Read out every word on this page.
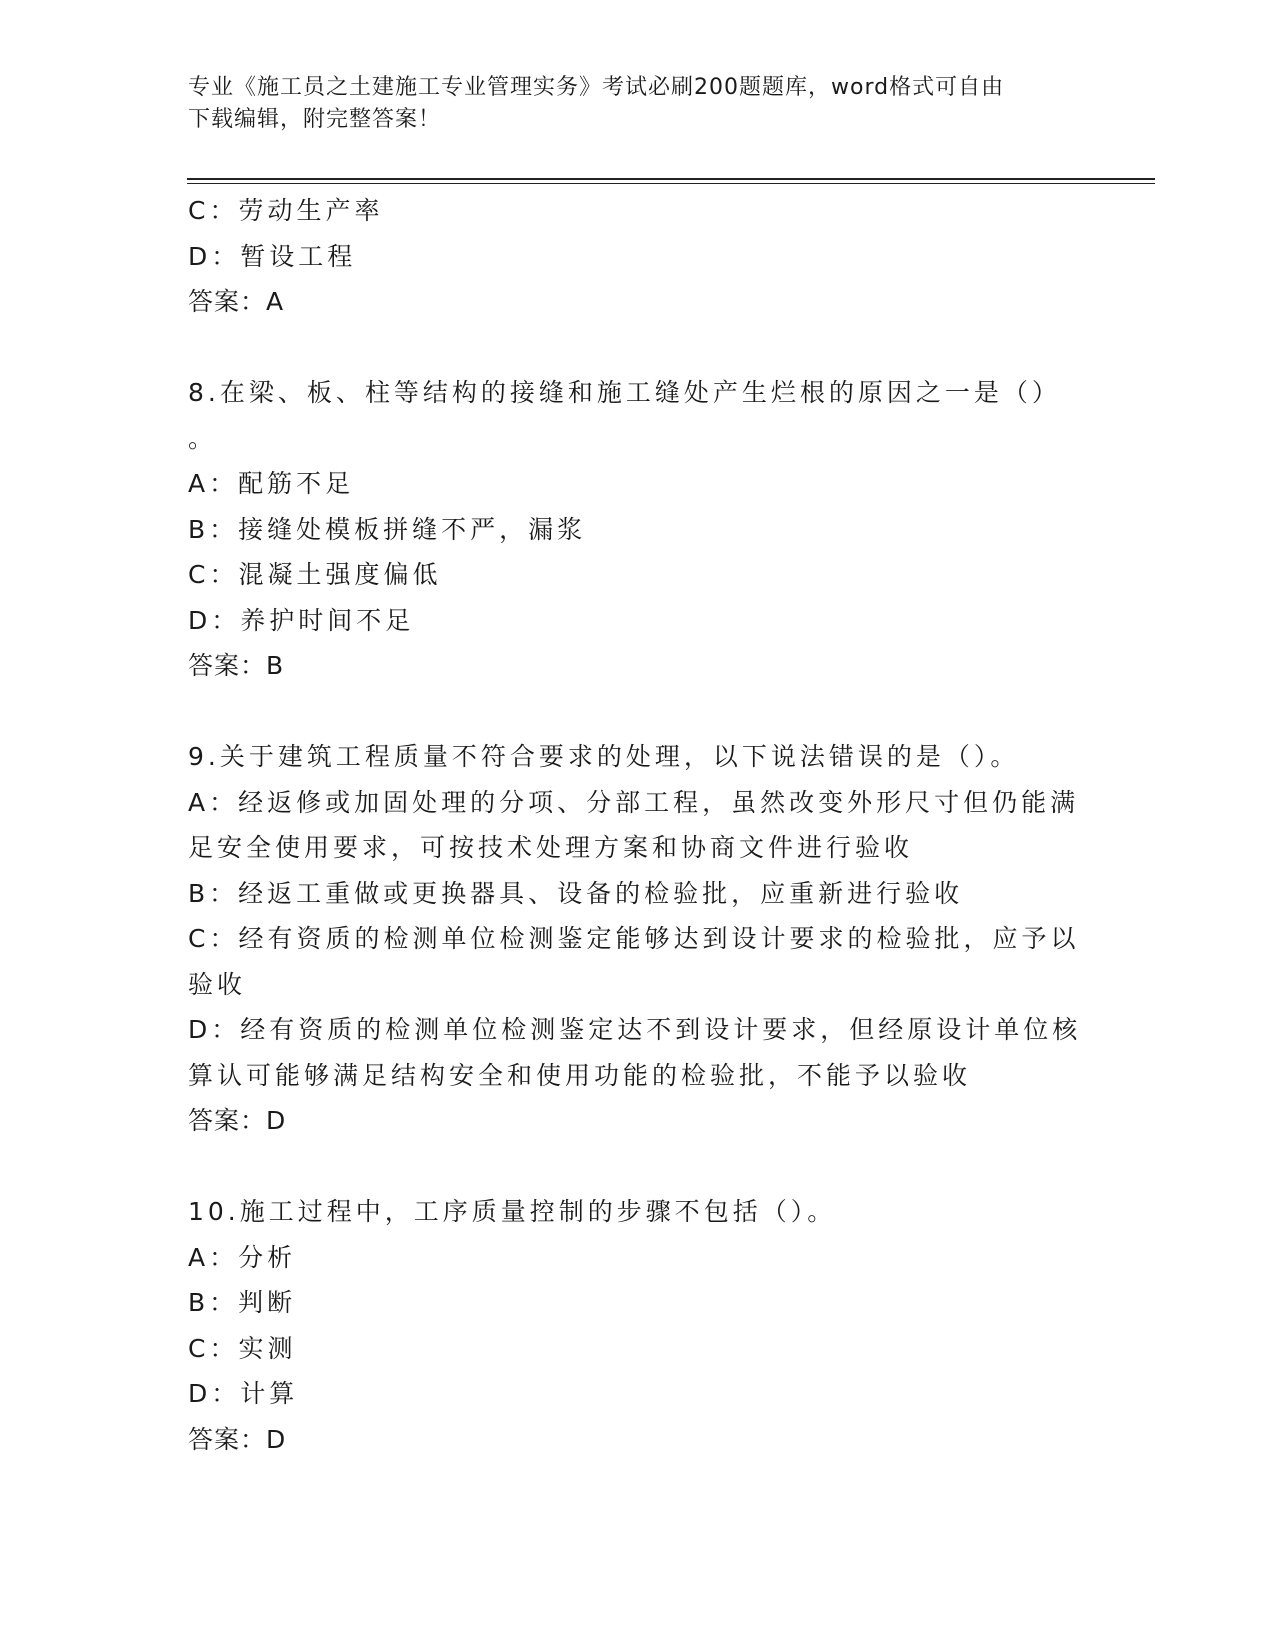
专业《施工员之土建施工专业管理实务》考试必刷200题题库，word格式可自由
下载编辑，附完整答案！
C：劳动生产率
D：暂设工程
答案：A
8.在梁、板、柱等结构的接缝和施工缝处产生烂根的原因之一是（）
。
A：配筋不足
B：接缝处模板拼缝不严，漏浆
C：混凝土强度偏低
D：养护时间不足
答案：B
9.关于建筑工程质量不符合要求的处理，以下说法错误的是（）。
A：经返修或加固处理的分项、分部工程，虽然改变外形尺寸但仍能满
足安全使用要求，可按技术处理方案和协商文件进行验收
B：经返工重做或更换器具、设备的检验批，应重新进行验收
C：经有资质的检测单位检测鉴定能够达到设计要求的检验批，应予以
验收
D：经有资质的检测单位检测鉴定达不到设计要求，但经原设计单位核
算认可能够满足结构安全和使用功能的检验批，不能予以验收
答案：D
10.施工过程中，工序质量控制的步骤不包括（）。
A：分析
B：判断
C：实测
D：计算
答案：D
